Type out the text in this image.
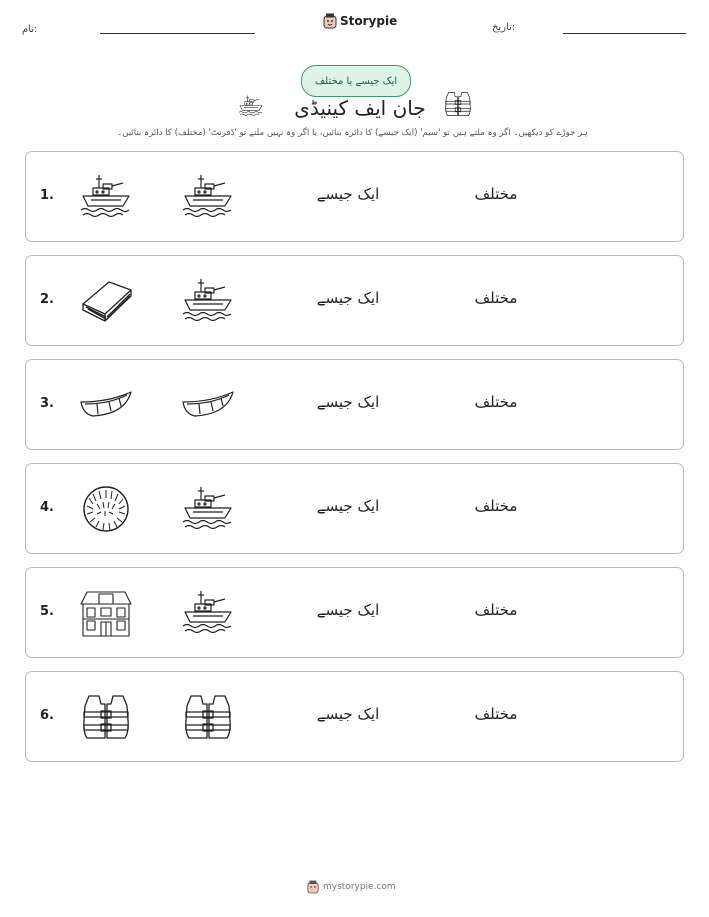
نام:
Storypie	تاریخ:
ایک جیسے یا مختلف
جان ایف کینیڈی
ہر جوڑے کو دیکھیں۔ اگر وہ ملتے ہیں تو 'سیم' (ایک جیسے) کا دائرہ بنائیں، یا اگر وہ نہیں ملتے تو 'ڈفرنٹ' (مختلف) کا دائرہ بنائیں۔
1.	ایک جیسے	مختلف
2.	ایک جیسے	مختلف
3.	ایک جیسے	مختلف
4.	ایک جیسے	مختلف
5.	ایک جیسے	مختلف
6.	ایک جیسے	مختلف
mystorypie.com
